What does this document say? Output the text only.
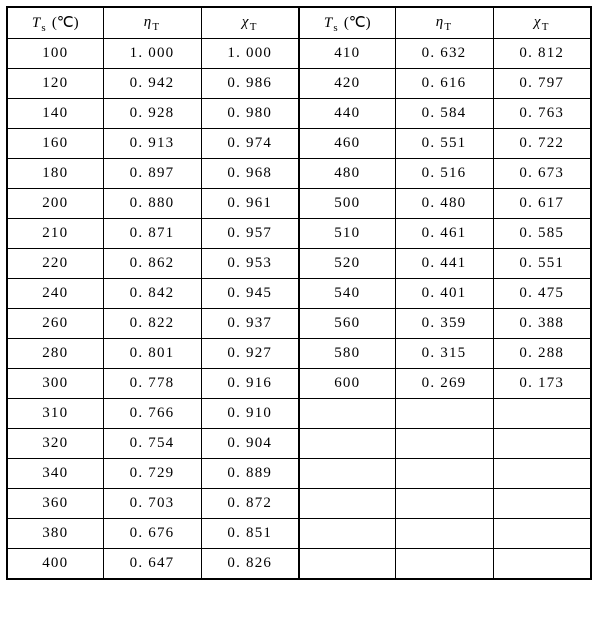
$T_s$ (℃)	$\eta_T$	$\chi_T$	$T_s$ (℃)	$\eta_T$	$\chi_T$
100	1. 000	1. 000	410	0. 632	0. 812
120	0. 942	0. 986	420	0. 616	0. 797
140	0. 928	0. 980	440	0. 584	0. 763
160	0. 913	0. 974	460	0. 551	0. 722
180	0. 897	0. 968	480	0. 516	0. 673
200	0. 880	0. 961	500	0. 480	0. 617
210	0. 871	0. 957	510	0. 461	0. 585
220	0. 862	0. 953	520	0. 441	0. 551
240	0. 842	0. 945	540	0. 401	0. 475
260	0. 822	0. 937	560	0. 359	0. 388
280	0. 801	0. 927	580	0. 315	0. 288
300	0. 778	0. 916	600	0. 269	0. 173
310	0. 766	0. 910			
320	0. 754	0. 904			
340	0. 729	0. 889			
360	0. 703	0. 872			
380	0. 676	0. 851			
400	0. 647	0. 826			
